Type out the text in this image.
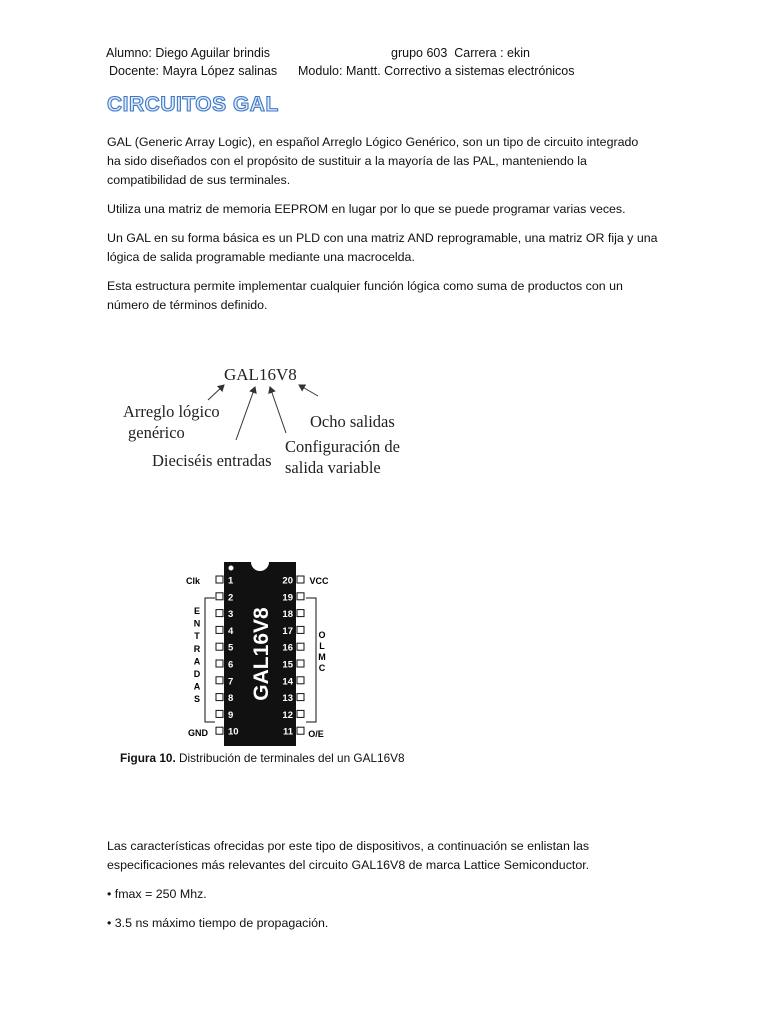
Alumno: Diego Aguilar brindis	grupo 603  Carrera : ekin
Docente: Mayra López salinas Modulo: Mantt. Correctivo a sistemas electrónicos
CIRCUITOS GAL
GAL (Generic Array Logic), en español Arreglo Lógico Genérico, son un tipo de circuito integrado
ha sido diseñados con el propósito de sustituir a la mayoría de las PAL, manteniendo la
compatibilidad de sus terminales.
Utiliza una matriz de memoria EEPROM en lugar por lo que se puede programar varias veces.
Un GAL en su forma básica es un PLD con una matriz AND reprogramable, una matriz OR fija y una
lógica de salida programable mediante una macrocelda.
Esta estructura permite implementar cualquier función lógica como suma de productos con un
número de términos definido.
GAL16V8
Arreglo lógico
genérico
Dieciséis entradas
Configuración de
salida variable
Ocho salidas
GAL16V8
1
2
3
4
5
6
7
8
9
10
20
19
18
17
16
15
14
13
12
11
Clk
GND
VCC
O/E
E
N
T
R
A
D
A
S
O
L
M
C
Figura 10. Distribución de terminales del un GAL16V8
Las características ofrecidas por este tipo de dispositivos, a continuación se enlistan las
especificaciones más relevantes del circuito GAL16V8 de marca Lattice Semiconductor.
• fmax = 250 Mhz.
• 3.5 ns máximo tiempo de propagación.
